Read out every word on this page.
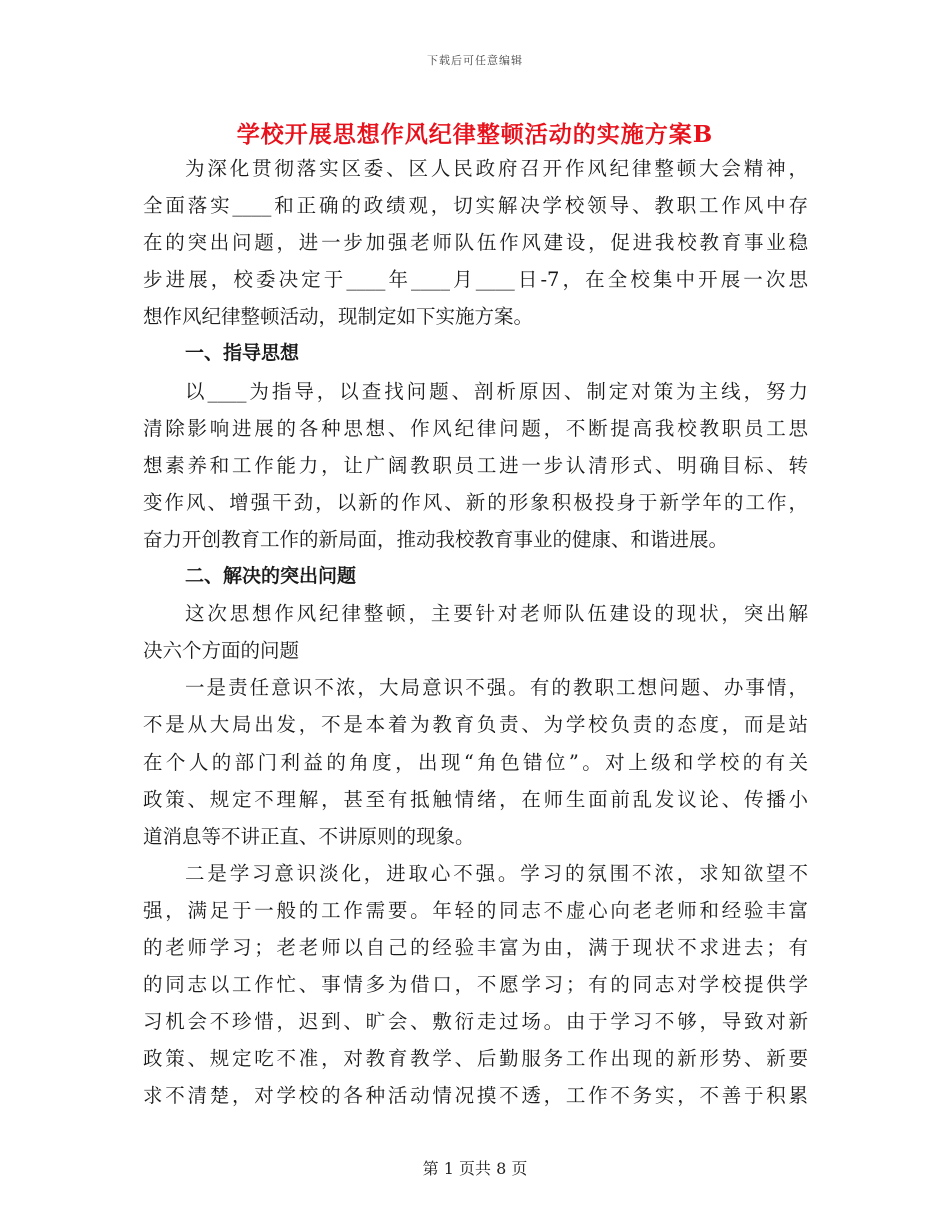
下载后可任意编辑
学校开展思想作风纪律整顿活动的实施方案B
为深化贯彻落实区委、区人民政府召开作风纪律整顿大会精神，
全面落实____和正确的政绩观，切实解决学校领导、教职工作风中存
在的突出问题，进一步加强老师队伍作风建设，促进我校教育事业稳
步进展，校委决定于____年____月____日-7，在全校集中开展一次思
想作风纪律整顿活动，现制定如下实施方案。
一、指导思想
以____为指导，以查找问题、剖析原因、制定对策为主线，努力
清除影响进展的各种思想、作风纪律问题，不断提高我校教职员工思
想素养和工作能力，让广阔教职员工进一步认清形式、明确目标、转
变作风、增强干劲，以新的作风、新的形象积极投身于新学年的工作，
奋力开创教育工作的新局面，推动我校教育事业的健康、和谐进展。
二、解决的突出问题
这次思想作风纪律整顿，主要针对老师队伍建设的现状，突出解
决六个方面的问题
一是责任意识不浓，大局意识不强。有的教职工想问题、办事情，
不是从大局出发，不是本着为教育负责、为学校负责的态度，而是站
在个人的部门利益的角度，出现“角色错位”。对上级和学校的有关
政策、规定不理解，甚至有抵触情绪，在师生面前乱发议论、传播小
道消息等不讲正直、不讲原则的现象。
二是学习意识淡化，进取心不强。学习的氛围不浓，求知欲望不
强，满足于一般的工作需要。年轻的同志不虚心向老老师和经验丰富
的老师学习；老老师以自己的经验丰富为由，满于现状不求进去；有
的同志以工作忙、事情多为借口，不愿学习；有的同志对学校提供学
习机会不珍惜，迟到、旷会、敷衍走过场。由于学习不够，导致对新
政策、规定吃不准，对教育教学、后勤服务工作出现的新形势、新要
求不清楚，对学校的各种活动情况摸不透，工作不务实，不善于积累
第 1 页共 8 页
